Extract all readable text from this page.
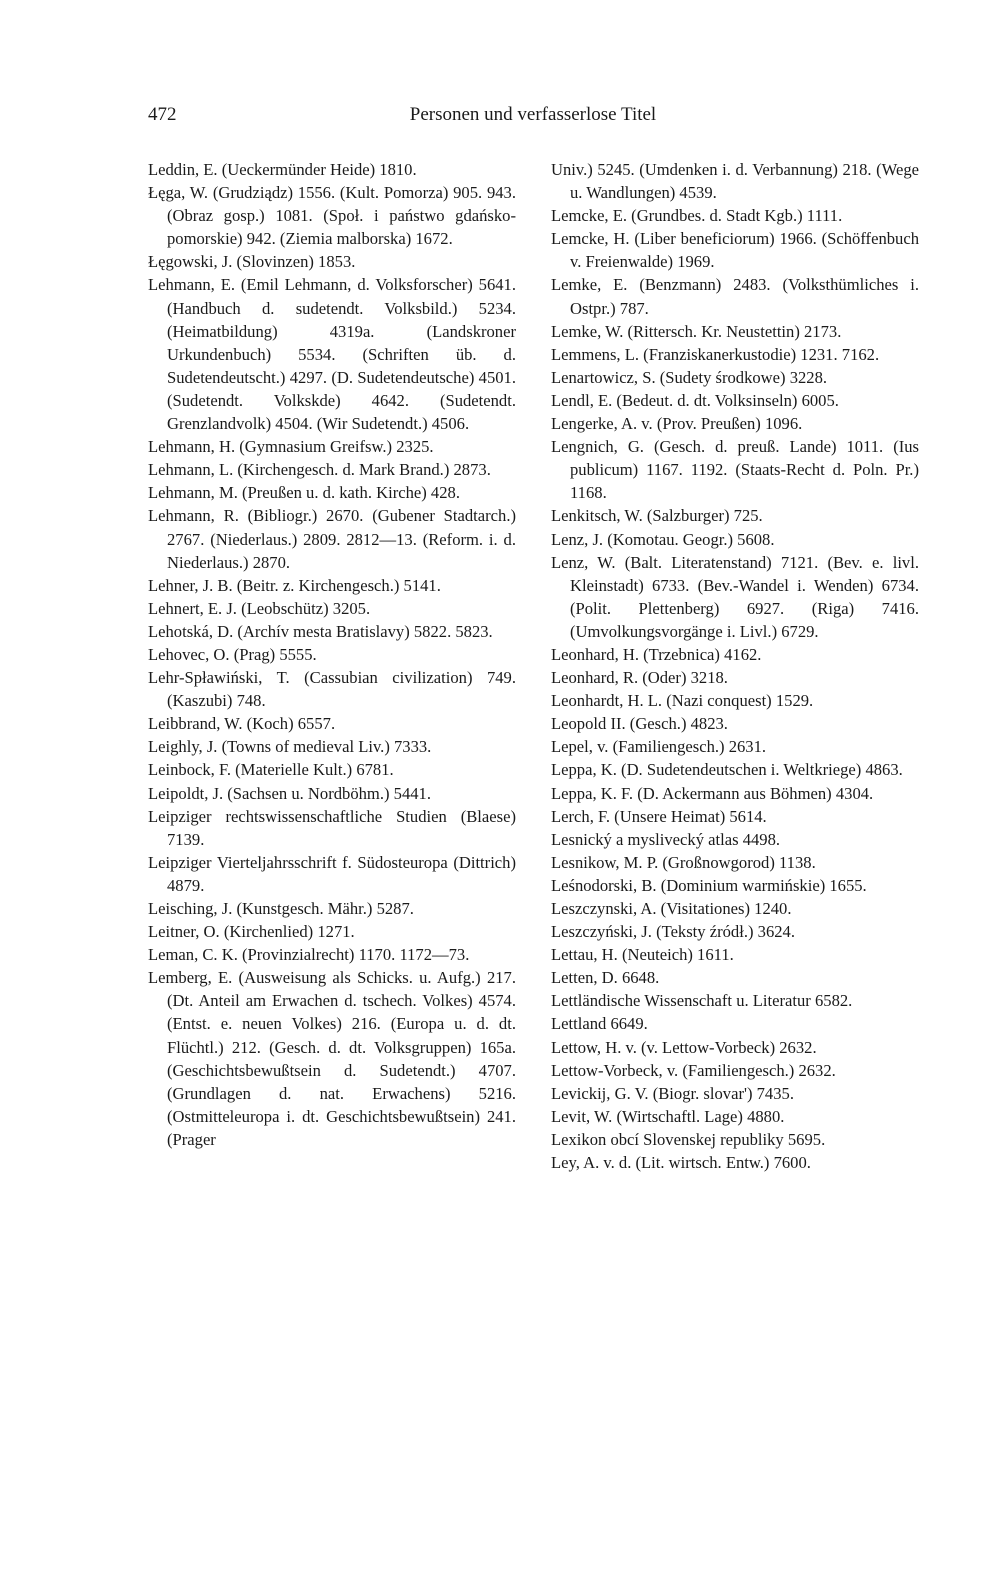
472	Personen und verfasserlose Titel

Leddin, E. (Ueckermünder Heide) 1810.

Łęga, W. (Grudziądz) 1556. (Kult. Pomorza) 905. 943. (Obraz gosp.) 1081. (Społ. i państwo gdańsko-pomorskie) 942. (Ziemia malborska) 1672.

Łęgowski, J. (Slovinzen) 1853.

Lehmann, E. (Emil Lehmann, d. Volksforscher) 5641. (Handbuch d. sudetendt. Volksbild.) 5234. (Heimatbildung) 4319a. (Landskroner Urkundenbuch) 5534. (Schriften üb. d. Sudetendeutscht.) 4297. (D. Sudetendeutsche) 4501. (Sudetendt. Volkskde) 4642. (Sudetendt. Grenzlandvolk) 4504. (Wir Sudetendt.) 4506.

Lehmann, H. (Gymnasium Greifsw.) 2325.

Lehmann, L. (Kirchengesch. d. Mark Brand.) 2873.

Lehmann, M. (Preußen u. d. kath. Kirche) 428.

Lehmann, R. (Bibliogr.) 2670. (Gubener Stadtarch.) 2767. (Niederlaus.) 2809. 2812—13. (Reform. i. d. Niederlaus.) 2870.

Lehner, J. B. (Beitr. z. Kirchengesch.) 5141.

Lehnert, E. J. (Leobschütz) 3205.

Lehotská, D. (Archív mesta Bratislavy) 5822. 5823.

Lehovec, O. (Prag) 5555.

Lehr-Spławiński, T. (Cassubian civilization) 749. (Kaszubi) 748.

Leibbrand, W. (Koch) 6557.

Leighly, J. (Towns of medieval Liv.) 7333.

Leinbock, F. (Materielle Kult.) 6781.

Leipoldt, J. (Sachsen u. Nordböhm.) 5441.

Leipziger rechtswissenschaftliche Studien (Blaese) 7139.

Leipziger Vierteljahrsschrift f. Südosteuropa (Dittrich) 4879.

Leisching, J. (Kunstgesch. Mähr.) 5287.

Leitner, O. (Kirchenlied) 1271.

Leman, C. K. (Provinzialrecht) 1170. 1172—73.

Lemberg, E. (Ausweisung als Schicks. u. Aufg.) 217. (Dt. Anteil am Erwachen d. tschech. Volkes) 4574. (Entst. e. neuen Volkes) 216. (Europa u. d. dt. Flüchtl.) 212. (Gesch. d. dt. Volksgruppen) 165a. (Geschichtsbewußtsein d. Sudetendt.) 4707. (Grundlagen d. nat. Erwachens) 5216. (Ostmitteleuropa i. dt. Geschichtsbewußtsein) 241. (Prager

Univ.) 5245. (Umdenken i. d. Verbannung) 218. (Wege u. Wandlungen) 4539.

Lemcke, E. (Grundbes. d. Stadt Kgb.) 1111.

Lemcke, H. (Liber beneficiorum) 1966. (Schöffenbuch v. Freienwalde) 1969.

Lemke, E. (Benzmann) 2483. (Volksthümliches i. Ostpr.) 787.

Lemke, W. (Rittersch. Kr. Neustettin) 2173.

Lemmens, L. (Franziskanerkustodie) 1231. 7162.

Lenartowicz, S. (Sudety środkowe) 3228.

Lendl, E. (Bedeut. d. dt. Volksinseln) 6005.

Lengerke, A. v. (Prov. Preußen) 1096.

Lengnich, G. (Gesch. d. preuß. Lande) 1011. (Ius publicum) 1167. 1192. (Staats-Recht d. Poln. Pr.) 1168.

Lenkitsch, W. (Salzburger) 725.

Lenz, J. (Komotau. Geogr.) 5608.

Lenz, W. (Balt. Literatenstand) 7121. (Bev. e. livl. Kleinstadt) 6733. (Bev.-Wandel i. Wenden) 6734. (Polit. Plettenberg) 6927. (Riga) 7416. (Umvolkungsvorgänge i. Livl.) 6729.

Leonhard, H. (Trzebnica) 4162.

Leonhard, R. (Oder) 3218.

Leonhardt, H. L. (Nazi conquest) 1529.

Leopold II. (Gesch.) 4823.

Lepel, v. (Familiengesch.) 2631.

Leppa, K. (D. Sudetendeutschen i. Weltkriege) 4863.

Leppa, K. F. (D. Ackermann aus Böhmen) 4304.

Lerch, F. (Unsere Heimat) 5614.

Lesnický a myslivecký atlas 4498.

Lesnikow, M. P. (Großnowgorod) 1138.

Leśnodorski, B. (Dominium warmińskie) 1655.

Leszczynski, A. (Visitationes) 1240.

Leszczyński, J. (Teksty źródł.) 3624.

Lettau, H. (Neuteich) 1611.

Letten, D. 6648.

Lettländische Wissenschaft u. Literatur 6582.

Lettland 6649.

Lettow, H. v. (v. Lettow-Vorbeck) 2632.

Lettow-Vorbeck, v. (Familiengesch.) 2632.

Levickij, G. V. (Biogr. slovar') 7435.

Levit, W. (Wirtschaftl. Lage) 4880.

Lexikon obcí Slovenskej republiky 5695.

Ley, A. v. d. (Lit. wirtsch. Entw.) 7600.
